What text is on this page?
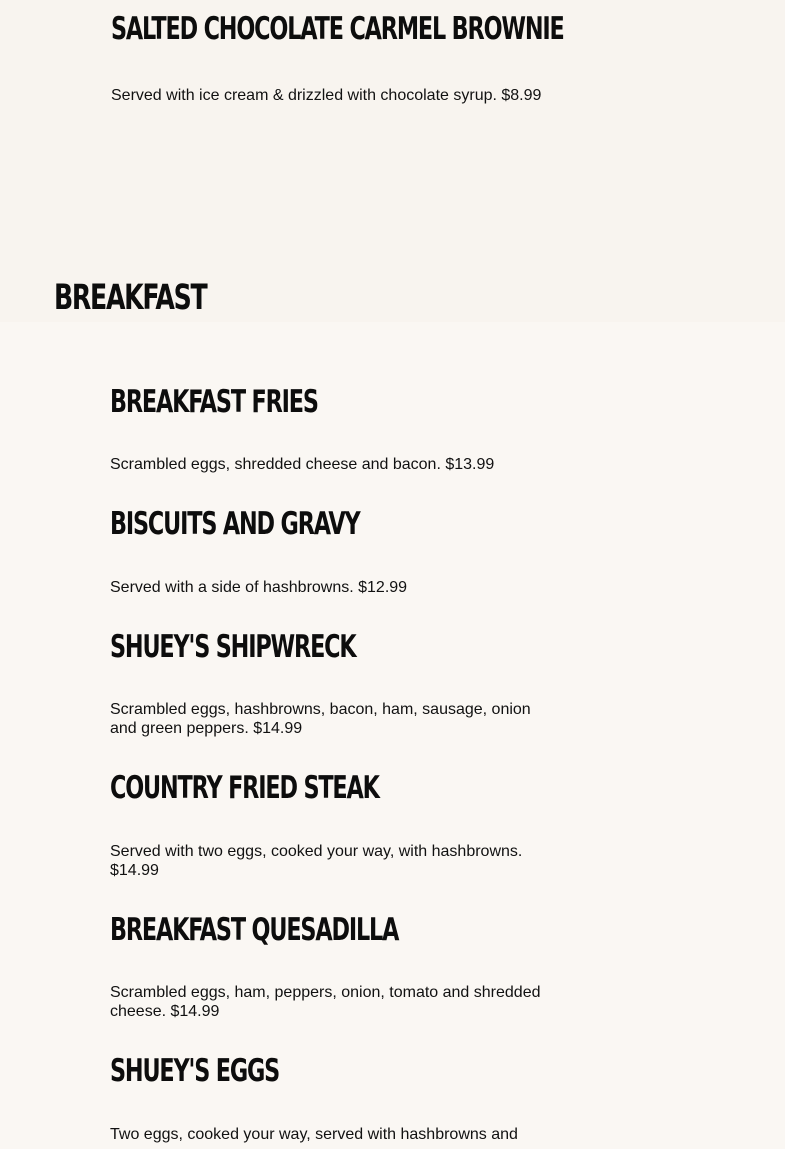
SALTED CHOCOLATE CARMEL BROWNIE

Served with ice cream & drizzled with chocolate syrup. $8.99

BREAKFAST
BREAKFAST FRIES

Scrambled eggs, shredded cheese and bacon. $13.99

BISCUITS AND GRAVY

Served with a side of hashbrowns. $12.99

SHUEY'S SHIPWRECK

Scrambled eggs, hashbrowns, bacon, ham, sausage, onion and green peppers. $14.99

COUNTRY FRIED STEAK

Served with two eggs, cooked your way, with hashbrowns. $14.99

BREAKFAST QUESADILLA

Scrambled eggs, ham, peppers, onion, tomato and shredded cheese. $14.99

SHUEY'S EGGS

Two eggs, cooked your way, served with hashbrowns and
